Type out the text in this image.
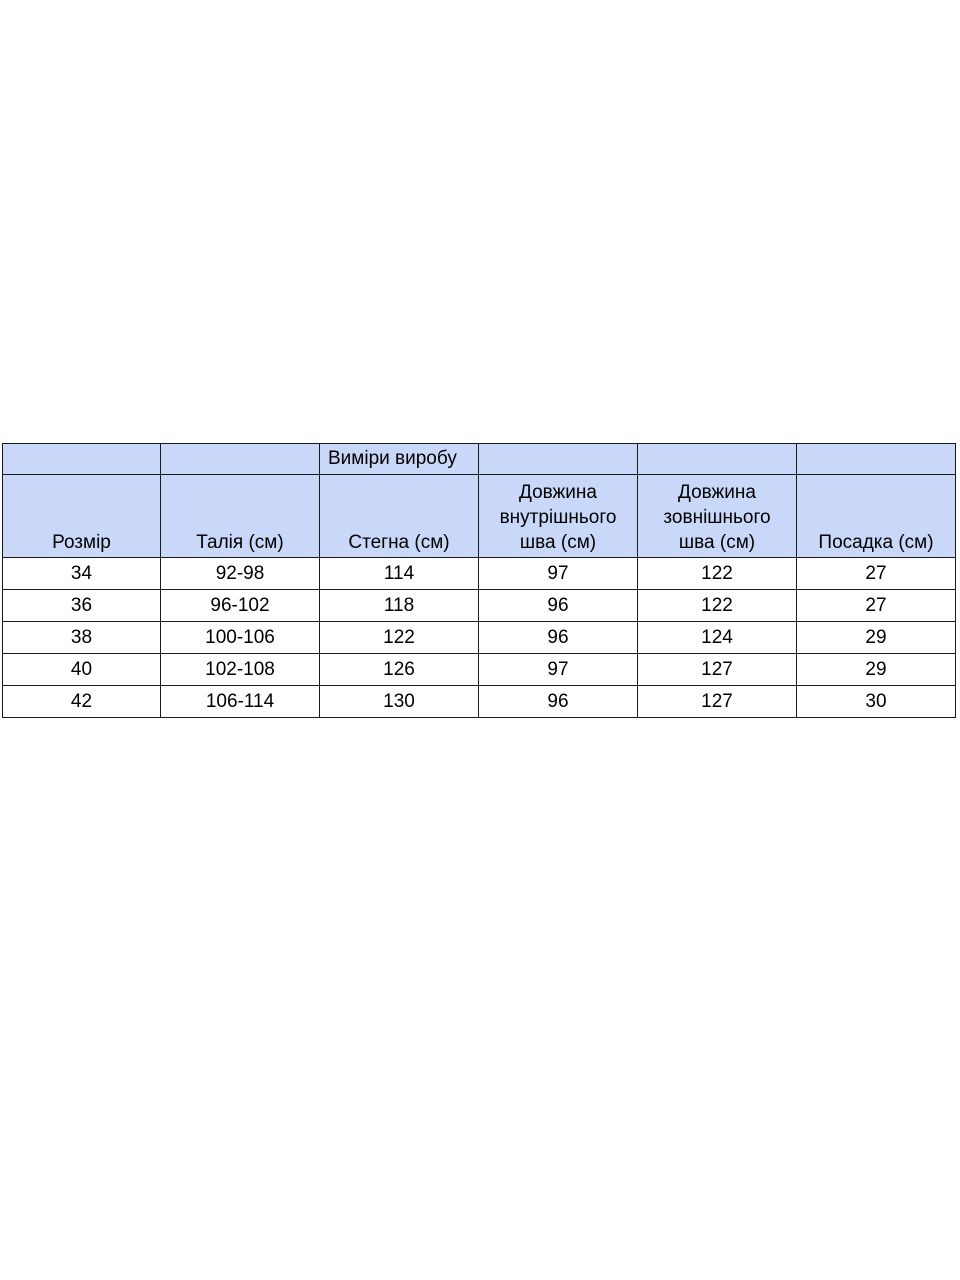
		Виміри виробу			
Розмір	Талія (см)	Стегна (см)	Довжина внутрішнього шва (см)	Довжина зовнішнього шва (см)	Посадка (см)
34	92-98	114	97	122	27
36	96-102	118	96	122	27
38	100-106	122	96	124	29
40	102-108	126	97	127	29
42	106-114	130	96	127	30
